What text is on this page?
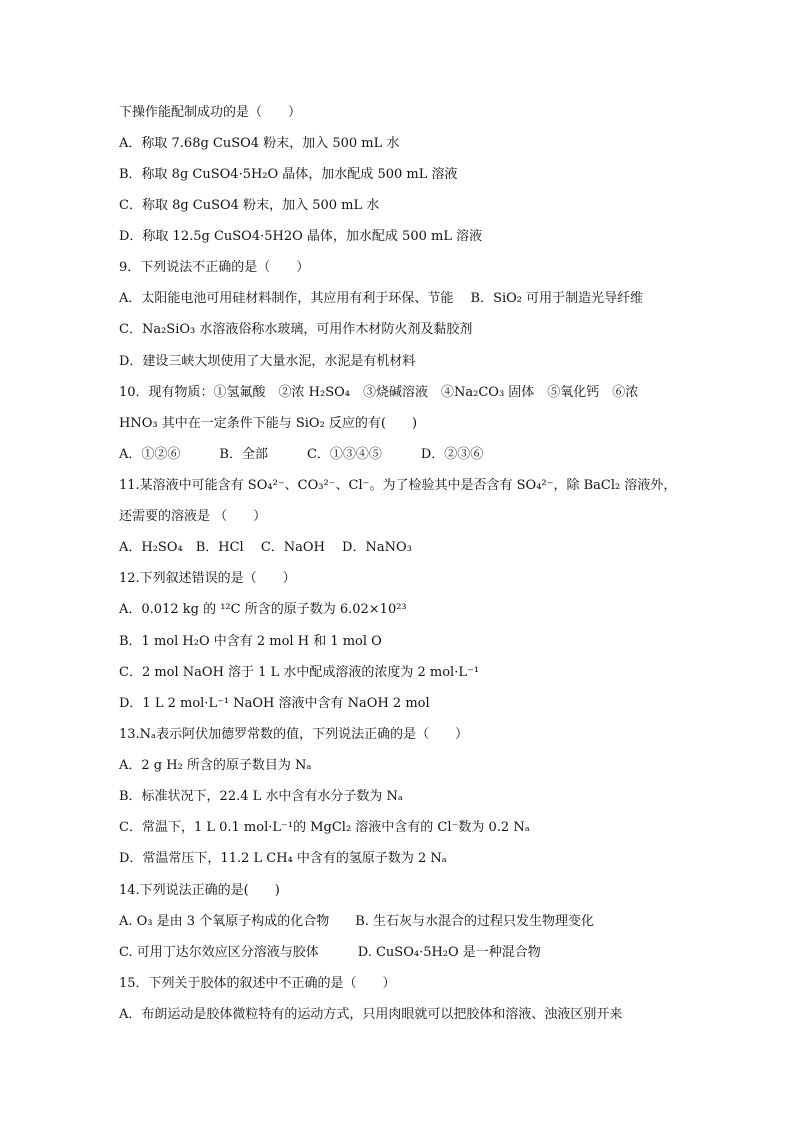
下操作能配制成功的是（　　）
A．称取 7.68g CuSO4 粉末，加入 500 mL 水
B．称取 8g CuSO4·5H₂O 晶体，加水配成 500 mL 溶液
C．称取 8g CuSO4 粉末，加入 500 mL 水
D．称取 12.5g CuSO4·5H2O 晶体，加水配成 500 mL 溶液
9．下列说法不正确的是（　　）
A．太阳能电池可用硅材料制作，其应用有利于环保、节能　 B．SiO₂ 可用于制造光导纤维
C．Na₂SiO₃ 水溶液俗称水玻璃，可用作木材防火剂及黏胶剂
D．建设三峡大坝使用了大量水泥，水泥是有机材料
10．现有物质：①氢氟酸　②浓 H₂SO₄　③烧碱溶液　④Na₂CO₃ 固体　⑤氧化钙　⑥浓
HNO₃ 其中在一定条件下能与 SiO₂ 反应的有(　　)
A．①②⑥　　　B．全部　　　C．①③④⑤　　　D．②③⑥
11.某溶液中可能含有 SO₄²⁻、CO₃²⁻、Cl⁻。为了检验其中是否含有 SO₄²⁻，除 BaCl₂ 溶液外，
还需要的溶液是 （　　）
A．H₂SO₄　B．HCl　 C．NaOH　 D．NaNO₃
12.下列叙述错误的是（　　）
A．0.012 kg 的 ¹²C 所含的原子数为 6.02×10²³
B．1 mol H₂O 中含有 2 mol H 和 1 mol O
C．2 mol NaOH 溶于 1 L 水中配成溶液的浓度为 2 mol·L⁻¹
D．1 L 2 mol·L⁻¹ NaOH 溶液中含有 NaOH 2 mol
13.Nₐ表示阿伏加德罗常数的值，下列说法正确的是（　　）
A．2 g H₂ 所含的原子数目为 Nₐ
B．标准状况下，22.4 L 水中含有水分子数为 Nₐ
C．常温下，1 L 0.1 mol·L⁻¹的 MgCl₂ 溶液中含有的 Cl⁻数为 0.2 Nₐ
D．常温常压下，11.2 L CH₄ 中含有的氢原子数为 2 Nₐ
14.下列说法正确的是(　　)
A. O₃ 是由 3 个氧原子构成的化合物　　B. 生石灰与水混合的过程只发生物理变化
C. 可用丁达尔效应区分溶液与胶体　　　D. CuSO₄·5H₂O 是一种混合物
15．下列关于胶体的叙述中不正确的是（　　）
A．布朗运动是胶体微粒特有的运动方式，只用肉眼就可以把胶体和溶液、浊液区别开来
